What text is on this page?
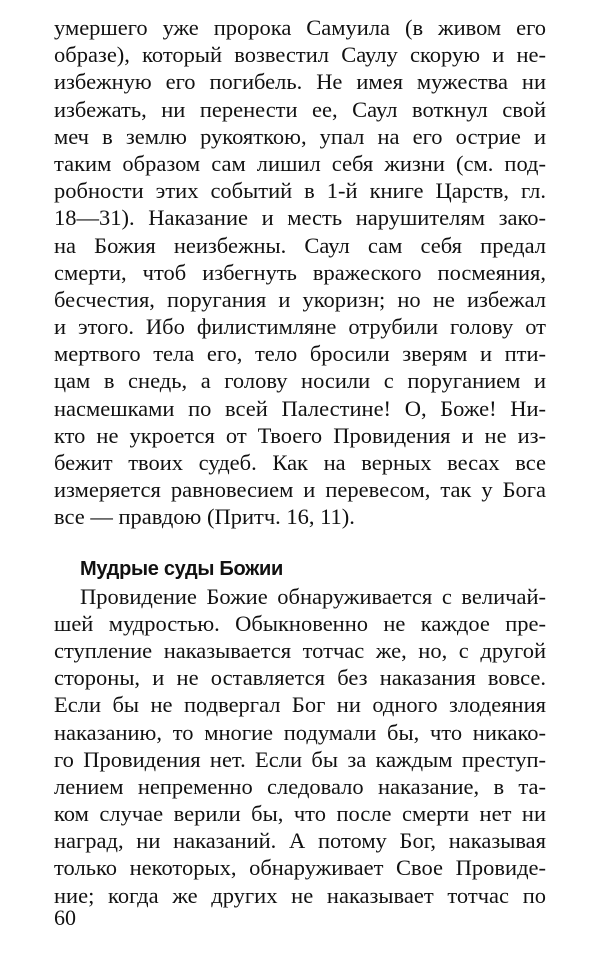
умершего уже пророка Самуила (в живом его
образе), который возвестил Саулу скорую и не-
избежную его погибель. Не имея мужества ни
избежать, ни перенести ее, Саул воткнул свой
меч в землю рукояткою, упал на его острие и
таким образом сам лишил себя жизни (см. под-
робности этих событий в 1-й книге Царств, гл.
18—31). Наказание и месть нарушителям зако-
на Божия неизбежны. Саул сам себя предал
смерти, чтоб избегнуть вражеского посмеяния,
бесчестия, поругания и укоризн; но не избежал
и этого. Ибо филистимляне отрубили голову от
мертвого тела его, тело бросили зверям и пти-
цам в снедь, а голову носили с поруганием и
насмешками по всей Палестине! О, Боже! Ни-
кто не укроется от Твоего Провидения и не из-
бежит твоих судеб. Как на верных весах все
измеряется равновесием и перевесом, так у Бога
все — правдою (Притч. 16, 11).
Мудрые суды Божии
Провидение Божие обнаруживается с величай-
шей мудростью. Обыкновенно не каждое пре-
ступление наказывается тотчас же, но, с другой
стороны, и не оставляется без наказания вовсе.
Если бы не подвергал Бог ни одного злодеяния
наказанию, то многие подумали бы, что никако-
го Провидения нет. Если бы за каждым преступ-
лением непременно следовало наказание, в та-
ком случае верили бы, что после смерти нет ни
наград, ни наказаний. А потому Бог, наказывая
только некоторых, обнаруживает Свое Провиде-
ние; когда же других не наказывает тотчас по
60
